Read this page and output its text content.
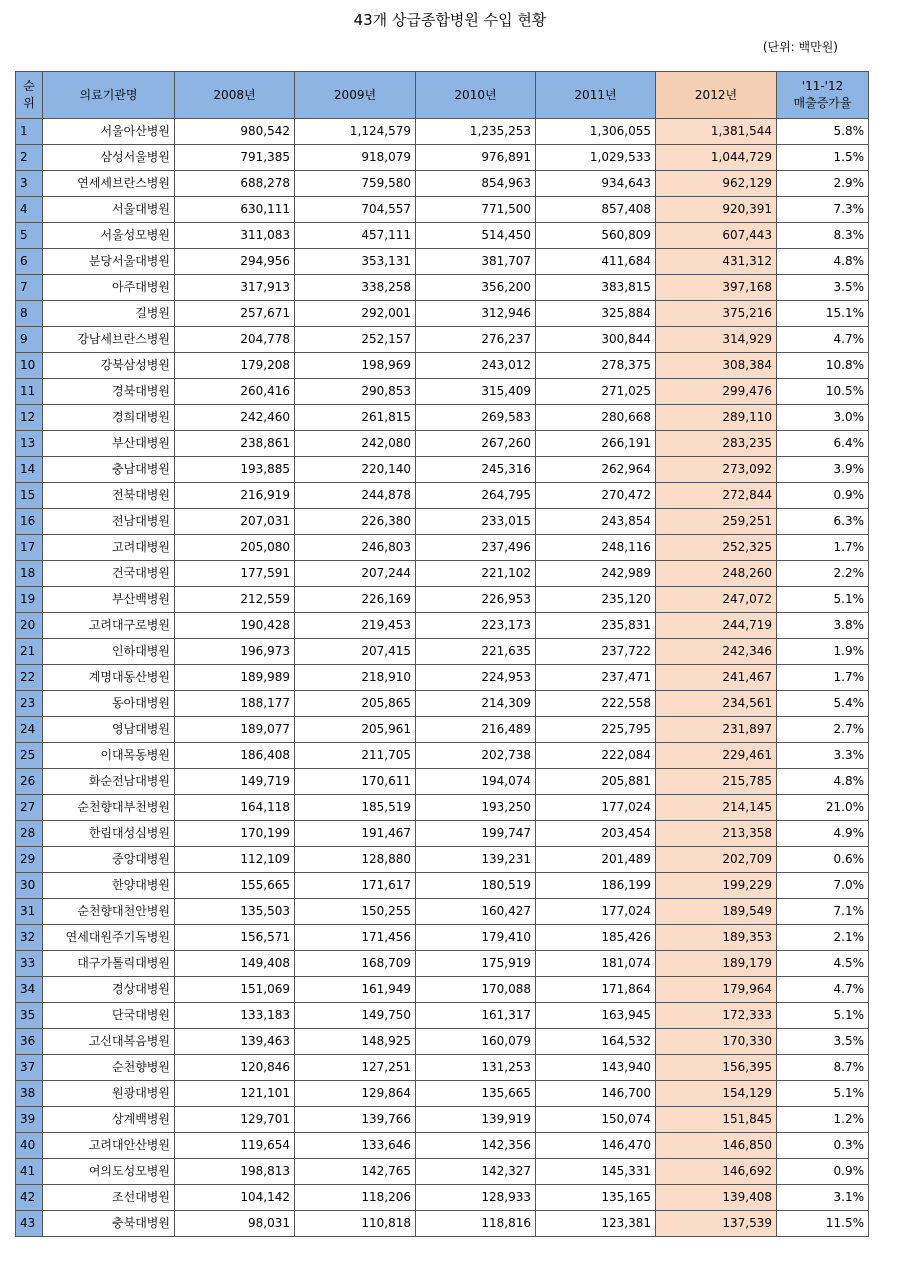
43개 상급종합병원 수입 현황
(단위: 백만원)
순
위	의료기관명	2008년	2009년	2010년	2011년	2012년	'11-'12
매출증가율
1	서울아산병원	980,542	1,124,579	1,235,253	1,306,055	1,381,544	5.8%
2	삼성서울병원	791,385	918,079	976,891	1,029,533	1,044,729	1.5%
3	연세세브란스병원	688,278	759,580	854,963	934,643	962,129	2.9%
4	서울대병원	630,111	704,557	771,500	857,408	920,391	7.3%
5	서울성모병원	311,083	457,111	514,450	560,809	607,443	8.3%
6	분당서울대병원	294,956	353,131	381,707	411,684	431,312	4.8%
7	아주대병원	317,913	338,258	356,200	383,815	397,168	3.5%
8	길병원	257,671	292,001	312,946	325,884	375,216	15.1%
9	강남세브란스병원	204,778	252,157	276,237	300,844	314,929	4.7%
10	강북삼성병원	179,208	198,969	243,012	278,375	308,384	10.8%
11	경북대병원	260,416	290,853	315,409	271,025	299,476	10.5%
12	경희대병원	242,460	261,815	269,583	280,668	289,110	3.0%
13	부산대병원	238,861	242,080	267,260	266,191	283,235	6.4%
14	충남대병원	193,885	220,140	245,316	262,964	273,092	3.9%
15	전북대병원	216,919	244,878	264,795	270,472	272,844	0.9%
16	전남대병원	207,031	226,380	233,015	243,854	259,251	6.3%
17	고려대병원	205,080	246,803	237,496	248,116	252,325	1.7%
18	건국대병원	177,591	207,244	221,102	242,989	248,260	2.2%
19	부산백병원	212,559	226,169	226,953	235,120	247,072	5.1%
20	고려대구로병원	190,428	219,453	223,173	235,831	244,719	3.8%
21	인하대병원	196,973	207,415	221,635	237,722	242,346	1.9%
22	계명대동산병원	189,989	218,910	224,953	237,471	241,467	1.7%
23	동아대병원	188,177	205,865	214,309	222,558	234,561	5.4%
24	영남대병원	189,077	205,961	216,489	225,795	231,897	2.7%
25	이대목동병원	186,408	211,705	202,738	222,084	229,461	3.3%
26	화순전남대병원	149,719	170,611	194,074	205,881	215,785	4.8%
27	순천향대부천병원	164,118	185,519	193,250	177,024	214,145	21.0%
28	한림대성심병원	170,199	191,467	199,747	203,454	213,358	4.9%
29	중앙대병원	112,109	128,880	139,231	201,489	202,709	0.6%
30	한양대병원	155,665	171,617	180,519	186,199	199,229	7.0%
31	순천향대천안병원	135,503	150,255	160,427	177,024	189,549	7.1%
32	연세대원주기독병원	156,571	171,456	179,410	185,426	189,353	2.1%
33	대구가톨릭대병원	149,408	168,709	175,919	181,074	189,179	4.5%
34	경상대병원	151,069	161,949	170,088	171,864	179,964	4.7%
35	단국대병원	133,183	149,750	161,317	163,945	172,333	5.1%
36	고신대복음병원	139,463	148,925	160,079	164,532	170,330	3.5%
37	순천향병원	120,846	127,251	131,253	143,940	156,395	8.7%
38	원광대병원	121,101	129,864	135,665	146,700	154,129	5.1%
39	상계백병원	129,701	139,766	139,919	150,074	151,845	1.2%
40	고려대안산병원	119,654	133,646	142,356	146,470	146,850	0.3%
41	여의도성모병원	198,813	142,765	142,327	145,331	146,692	0.9%
42	조선대병원	104,142	118,206	128,933	135,165	139,408	3.1%
43	충북대병원	98,031	110,818	118,816	123,381	137,539	11.5%
